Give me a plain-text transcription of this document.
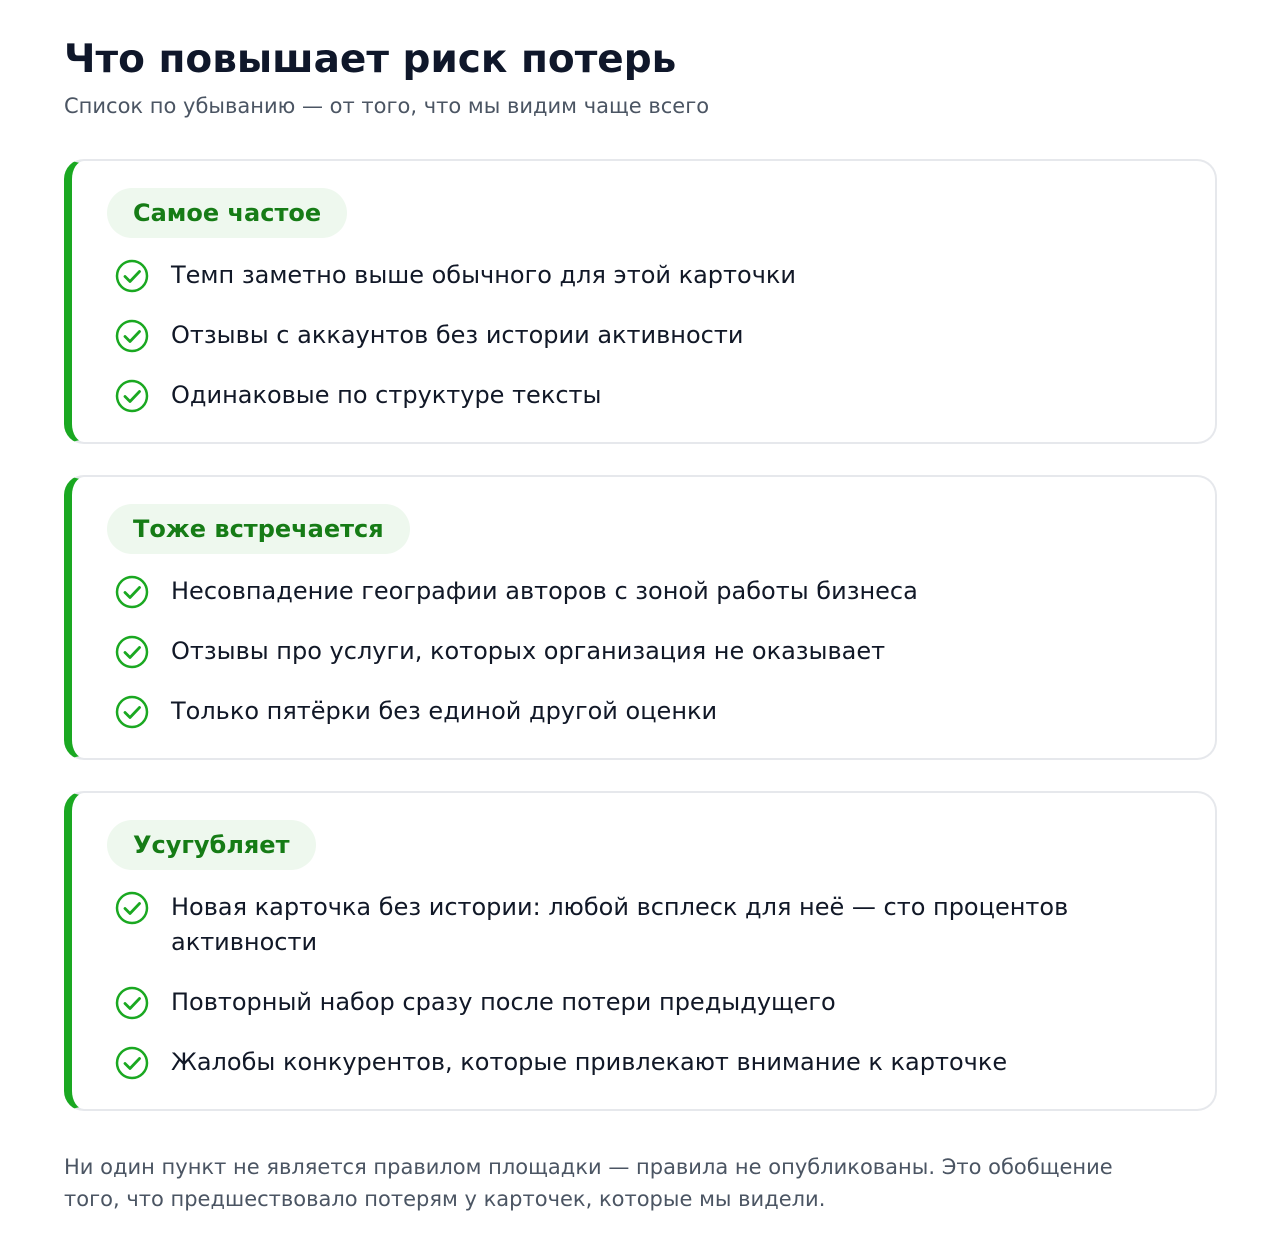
Что повышает риск потерь

Список по убыванию — от того, что мы видим чаще всего

Самое частое
Темп заметно выше обычного для этой карточки
Отзывы с аккаунтов без истории активности
Одинаковые по структуре тексты
Тоже встречается
Несовпадение географии авторов с зоной работы бизнеса
Отзывы про услуги, которых организация не оказывает
Только пятёрки без единой другой оценки
Усугубляет
Новая карточка без истории: любой всплеск для неё — сто процентов активности
Повторный набор сразу после потери предыдущего
Жалобы конкурентов, которые привлекают внимание к карточке

Ни один пункт не является правилом площадки — правила не опубликованы. Это обобщение того, что предшествовало потерям у карточек, которые мы видели.
